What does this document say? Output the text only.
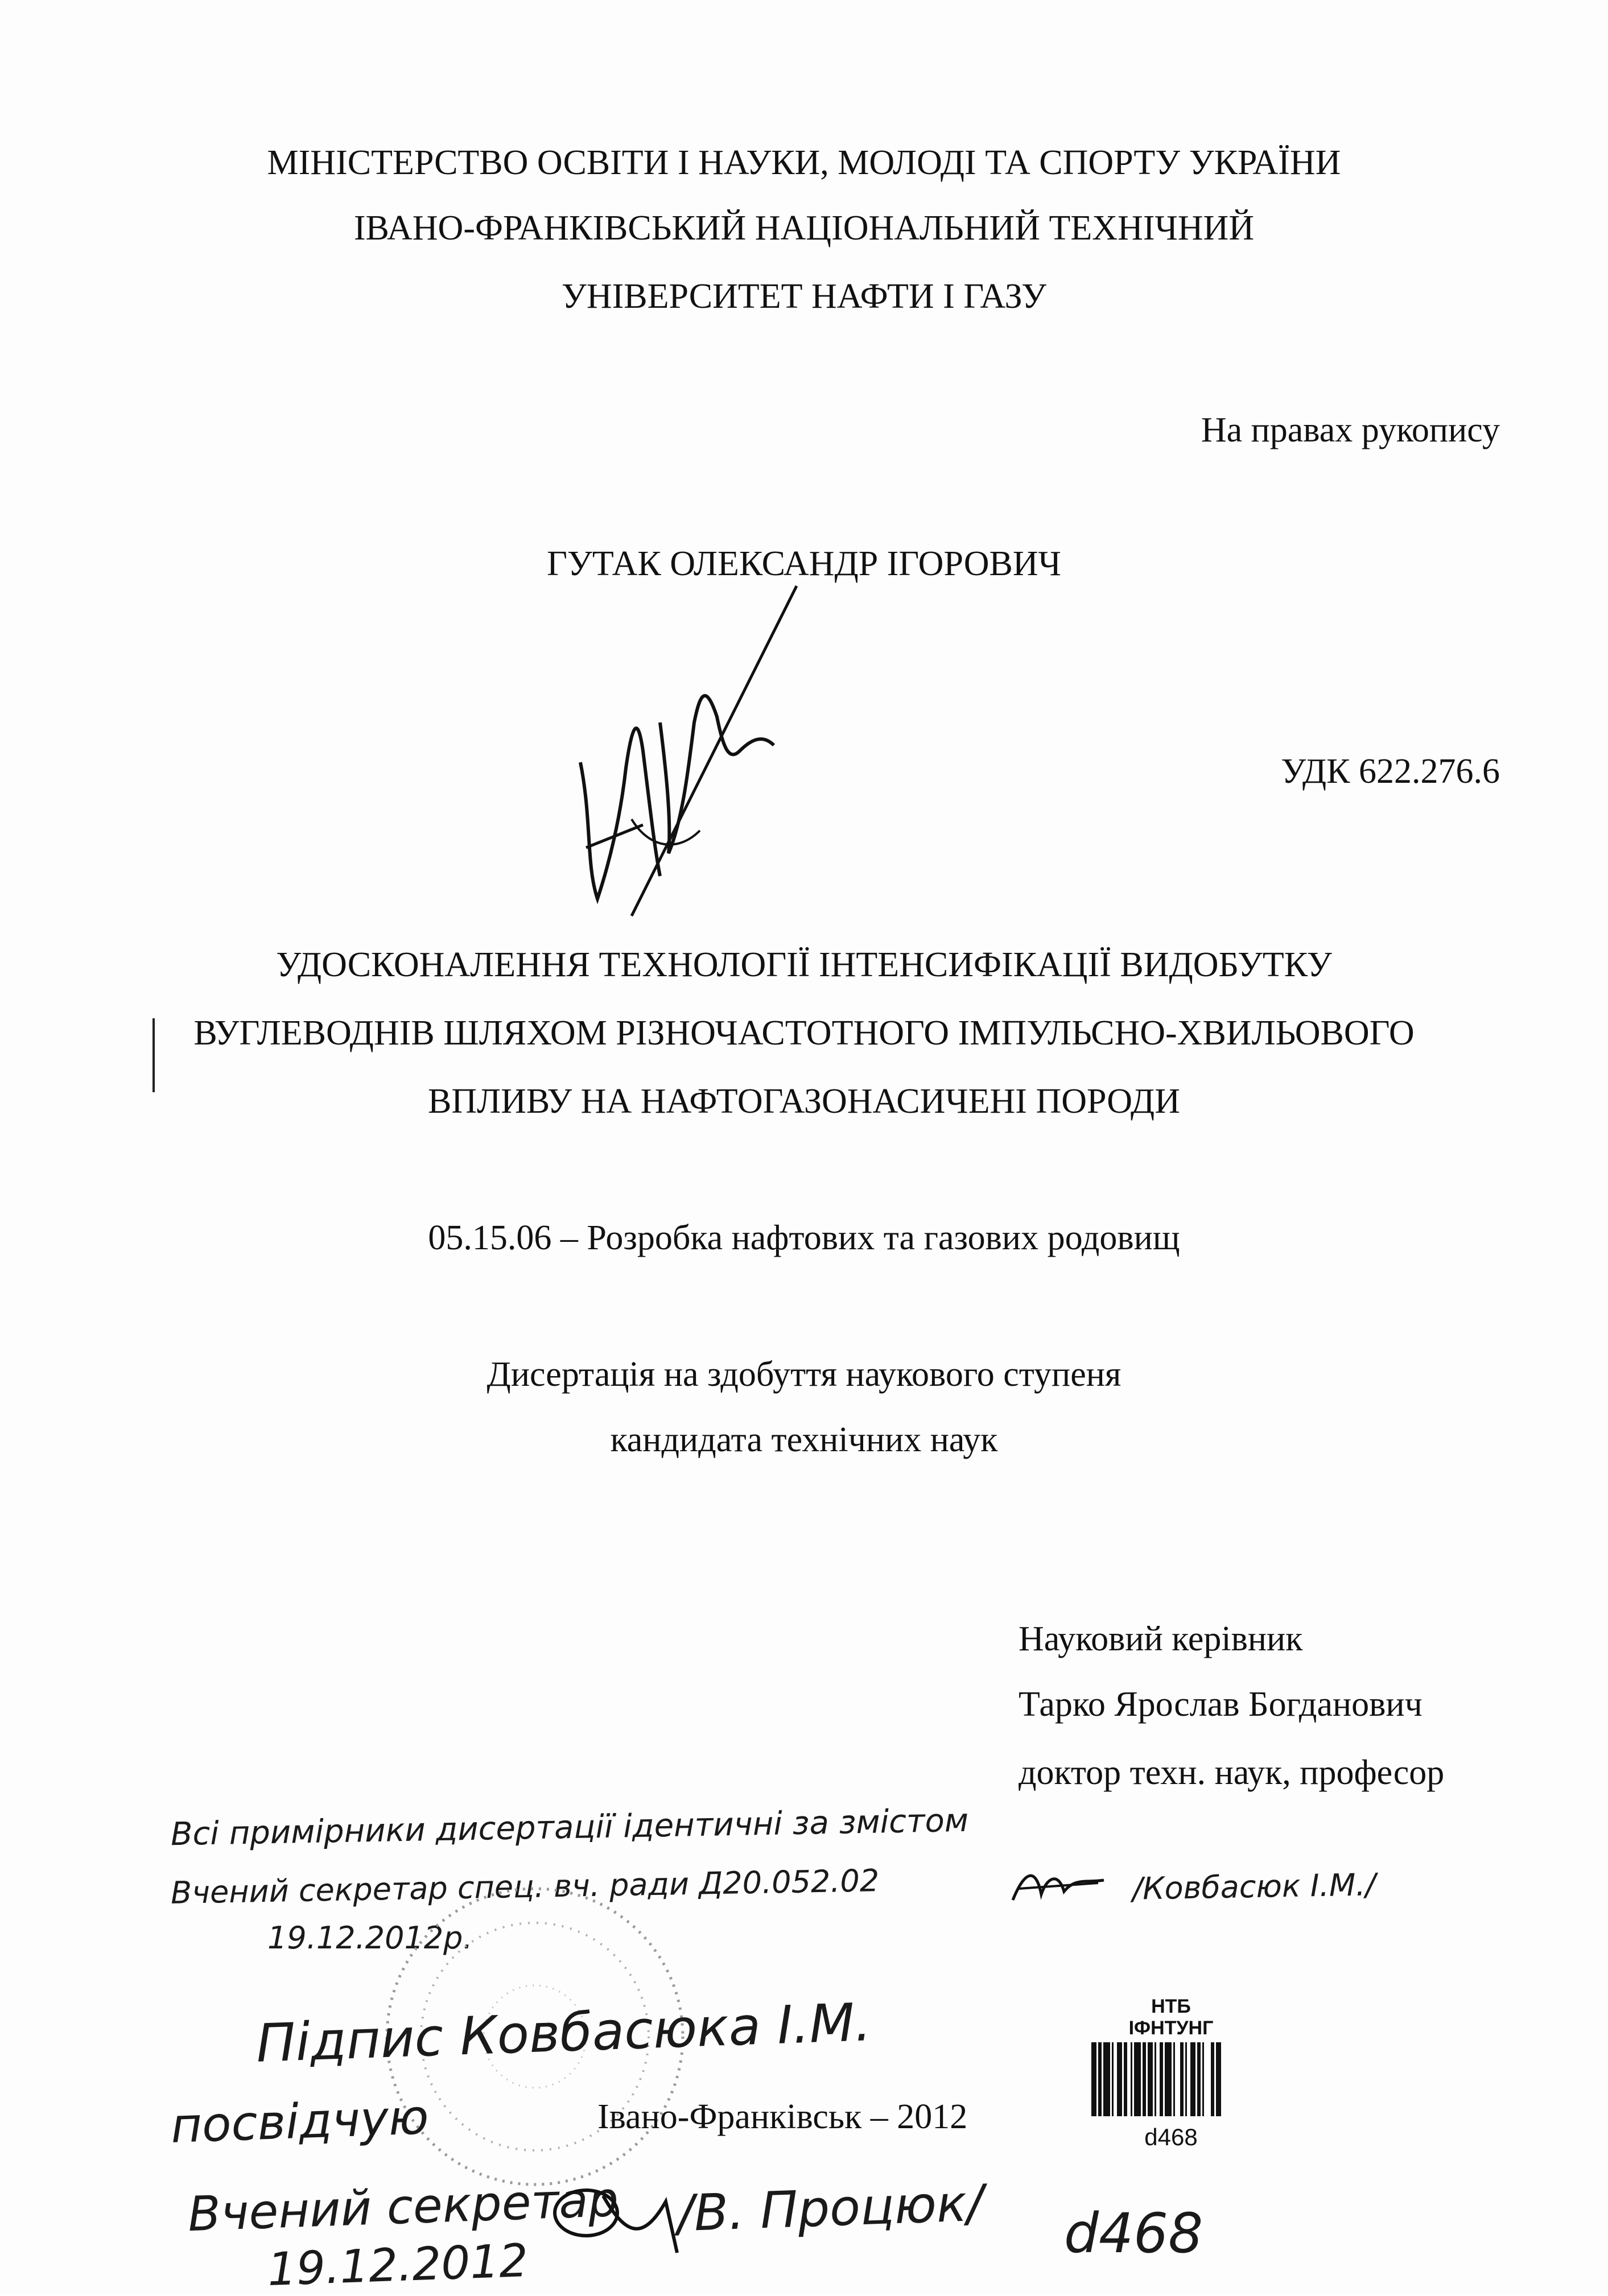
МІНІСТЕРСТВО ОСВІТИ І НАУКИ, МОЛОДІ ТА СПОРТУ УКРАЇНИ
ІВАНО-ФРАНКІВСЬКИЙ НАЦІОНАЛЬНИЙ ТЕХНІЧНИЙ
УНІВЕРСИТЕТ НАФТИ І ГАЗУ
На правах рукопису
ГУТАК ОЛЕКСАНДР ІГОРОВИЧ
УДК 622.276.6
УДОСКОНАЛЕННЯ ТЕХНОЛОГІЇ ІНТЕНСИФІКАЦІЇ ВИДОБУТКУ
ВУГЛЕВОДНІВ ШЛЯХОМ РІЗНОЧАСТОТНОГО ІМПУЛЬСНО-ХВИЛЬОВОГО
ВПЛИВУ НА НАФТОГАЗОНАСИЧЕНІ ПОРОДИ
05.15.06 – Розробка нафтових та газових родовищ
Дисертація на здобуття наукового ступеня
кандидата технічних наук
Науковий керівник
Тарко Ярослав Богданович
доктор техн. наук, професор
Всі примірники дисертації ідентичні за змістом
Вчений секретар спец. вч. ради Д20.052.02	/Ковбасюк І.М./
19.12.2012р.
Підпис Ковбасюка І.М.
посвідчую	Івано-Франківськ – 2012
Вчений секретар /В. Процюк/
19.12.2012	d468
НТБ
ІФНТУНГ
d468
